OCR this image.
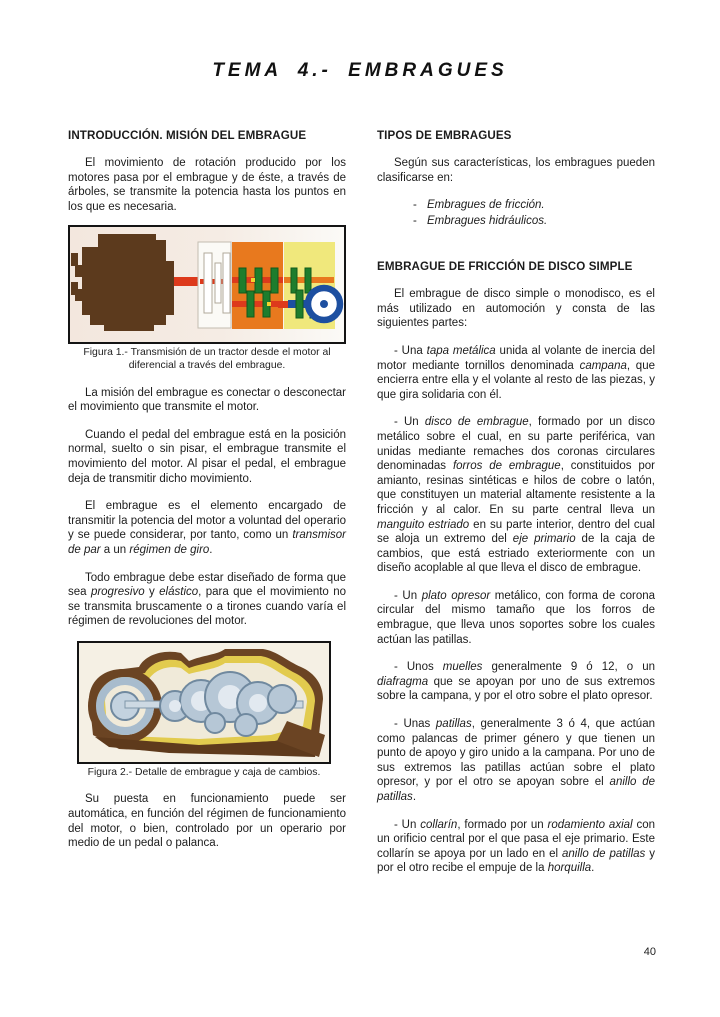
TEMA 4.- EMBRAGUES
INTRODUCCIÓN. MISIÓN DEL EMBRAGUE

El movimiento de rotación producido por los motores pasa por el embrague y de éste, a través de árboles, se transmite la potencia hasta los puntos en los que es necesaria.

Figura 1.- Transmisión de un tractor desde el motor al diferencial a través del embrague.

La misión del embrague es conectar o desconectar el movimiento que transmite el motor.

Cuando el pedal del embrague está en la posición normal, suelto o sin pisar, el embrague transmite el movimiento del motor. Al pisar el pedal, el embrague deja de transmitir dicho movimiento.

El embrague es el elemento encargado de transmitir la potencia del motor a voluntad del operario y se puede considerar, por tanto, como un transmisor de par a un régimen de giro.

Todo embrague debe estar diseñado de forma que sea progresivo y elástico, para que el movimiento no se transmita bruscamente o a tirones cuando varía el régimen de revoluciones del motor.

Figura 2.- Detalle de embrague y caja de cambios.

Su puesta en funcionamiento puede ser automática, en función del régimen de funcionamiento del motor, o bien, controlado por un operario por medio de un pedal o palanca.

TIPOS DE EMBRAGUES

Según sus características, los embragues pueden clasificarse en:

- Embragues de fricción.
- Embragues hidráulicos.
EMBRAGUE DE FRICCIÓN DE DISCO SIMPLE

El embrague de disco simple o monodisco, es el más utilizado en automoción y consta de las siguientes partes:

- Una tapa metálica unida al volante de inercia del motor mediante tornillos denominada campana, que encierra entre ella y el volante al resto de las piezas, y que gira solidaria con él.

- Un disco de embrague, formado por un disco metálico sobre el cual, en su parte periférica, van unidas mediante remaches dos coronas circulares denominadas forros de embrague, constituidos por amianto, resinas sintéticas e hilos de cobre o latón, que constituyen un material altamente resistente a la fricción y al calor. En su parte central lleva un manguito estriado en su parte interior, dentro del cual se aloja un extremo del eje primario de la caja de cambios, que está estriado exteriormente con un diseño acoplable al que lleva el disco de embrague.

- Un plato opresor metálico, con forma de corona circular del mismo tamaño que los forros de embrague, que lleva unos soportes sobre los cuales actúan las patillas.

- Unos muelles generalmente 9 ó 12, o un diafragma que se apoyan por uno de sus extremos sobre la campana, y por el otro sobre el plato opresor.

- Unas patillas, generalmente 3 ó 4, que actúan como palancas de primer género y que tienen un punto de apoyo y giro unido a la campana. Por uno de sus extremos las patillas actúan sobre el plato opresor, y por el otro se apoyan sobre el anillo de patillas.

- Un collarín, formado por un rodamiento axial con un orificio central por el que pasa el eje primario. Este collarín se apoya por un lado en el anillo de patillas y por el otro recibe el empuje de la horquilla.

40
